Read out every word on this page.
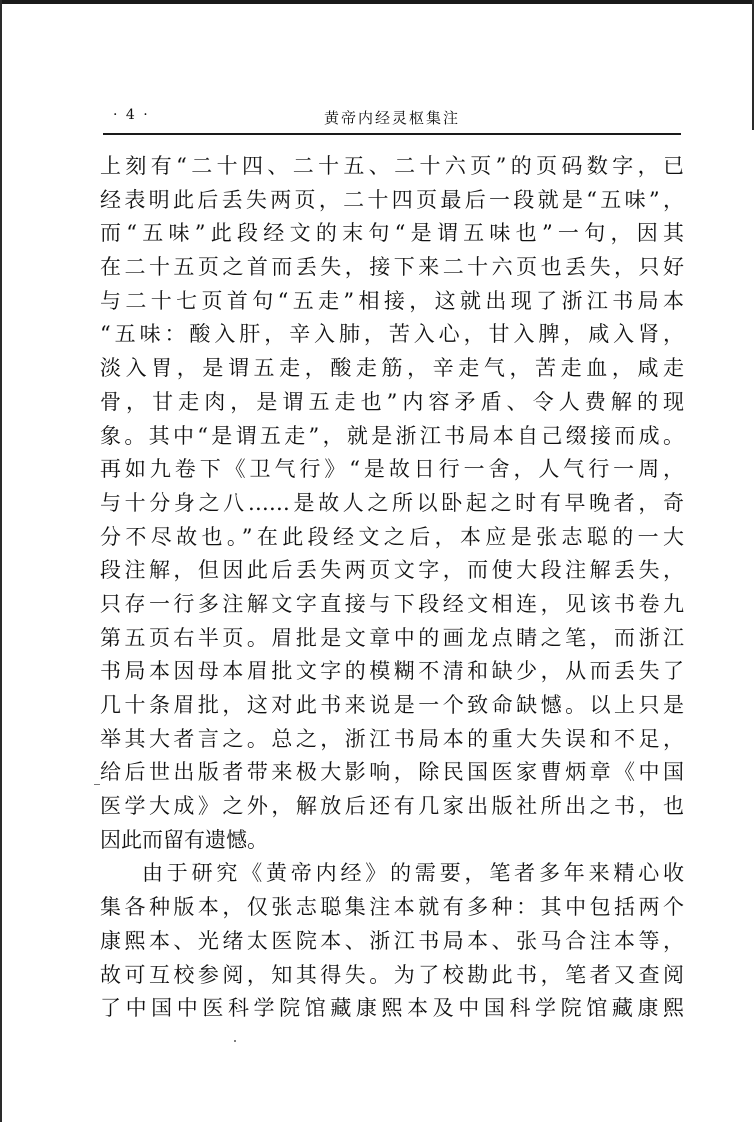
· 4 ·	黄帝内经灵枢集注
上刻有“二十四、二十五、二十六页”的页码数字，已
经表明此后丢失两页，二十四页最后一段就是“五味”，
而“五味”此段经文的末句“是谓五味也”一句，因其
在二十五页之首而丢失，接下来二十六页也丢失，只好
与二十七页首句“五走”相接，这就出现了浙江书局本
“五味：酸入肝，辛入肺，苦入心，甘入脾，咸入肾，
淡入胃，是谓五走，酸走筋，辛走气，苦走血，咸走
骨，甘走肉，是谓五走也”内容矛盾、令人费解的现
象。其中“是谓五走”，就是浙江书局本自己缀接而成。
再如九卷下《卫气行》“是故日行一舍，人气行一周，
与十分身之八……是故人之所以卧起之时有早晚者，奇
分不尽故也。”在此段经文之后，本应是张志聪的一大
段注解，但因此后丢失两页文字，而使大段注解丢失，
只存一行多注解文字直接与下段经文相连，见该书卷九
第五页右半页。眉批是文章中的画龙点睛之笔，而浙江
书局本因母本眉批文字的模糊不清和缺少，从而丢失了
几十条眉批，这对此书来说是一个致命缺憾。以上只是
举其大者言之。总之，浙江书局本的重大失误和不足，
给后世出版者带来极大影响，除民国医家曹炳章《中国
医学大成》之外，解放后还有几家出版社所出之书，也
因此而留有遗憾。
由于研究《黄帝内经》的需要，笔者多年来精心收
集各种版本，仅张志聪集注本就有多种：其中包括两个
康熙本、光绪太医院本、浙江书局本、张马合注本等，
故可互校参阅，知其得失。为了校勘此书，笔者又查阅
了中国中医科学院馆藏康熙本及中国科学院馆藏康熙
